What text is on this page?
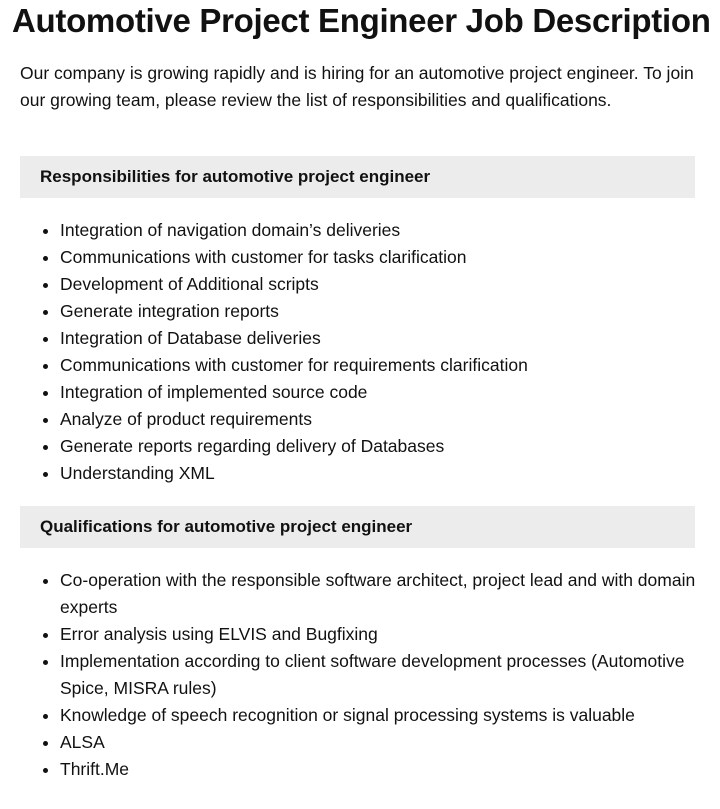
Automotive Project Engineer Job Description

Our company is growing rapidly and is hiring for an automotive project engineer. To join our growing team, please review the list of responsibilities and qualifications.

Responsibilities for automotive project engineer
• Integration of navigation domain’s deliveries
• Communications with customer for tasks clarification
• Development of Additional scripts
• Generate integration reports
• Integration of Database deliveries
• Communications with customer for requirements clarification
• Integration of implemented source code
• Analyze of product requirements
• Generate reports regarding delivery of Databases
• Understanding XML
Qualifications for automotive project engineer
• Co-operation with the responsible software architect, project lead and with domain experts
• Error analysis using ELVIS and Bugfixing
• Implementation according to client software development processes (Automotive Spice, MISRA rules)
• Knowledge of speech recognition or signal processing systems is valuable
• ALSA
• Thrift.Me
